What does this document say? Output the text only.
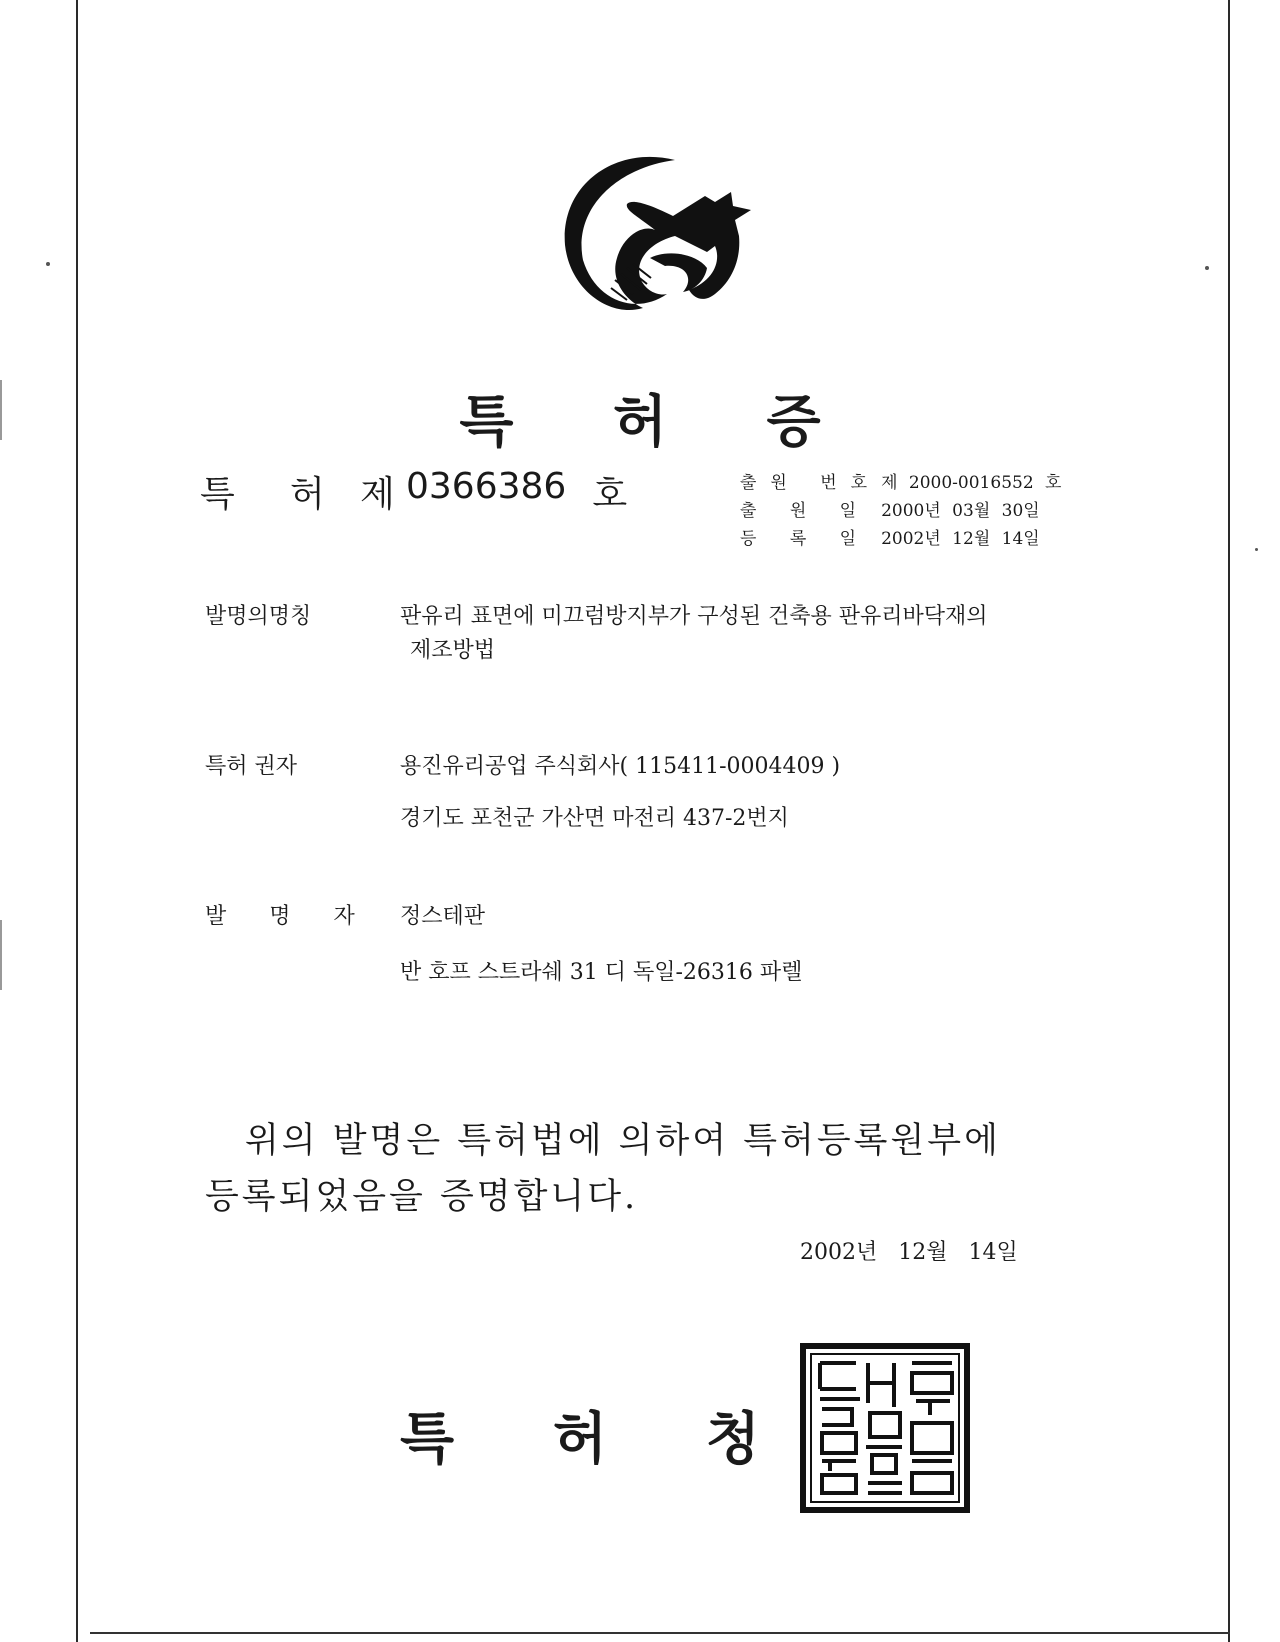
특 허 증
특	허 제 0366386 호	출원 번호	제 2000-0016552 호
출 원 일	2000년 03월 30일
등 록 일	2002년 12월 14일
발명의명칭	판유리 표면에 미끄럼방지부가 구성된 건축용 판유리바닥재의
제조방법
특허 권자	용진유리공업 주식회사( 115411-0004409 )
경기도 포천군 가산면 마전리 437-2번지
발 명 자	정스테판
반 호프 스트라쉐 31 디 독일-26316 파렐
위의 발명은 특허법에 의하여 특허등록원부에
등록되었음을 증명합니다.
2002년 12월 14일
특 허 청
